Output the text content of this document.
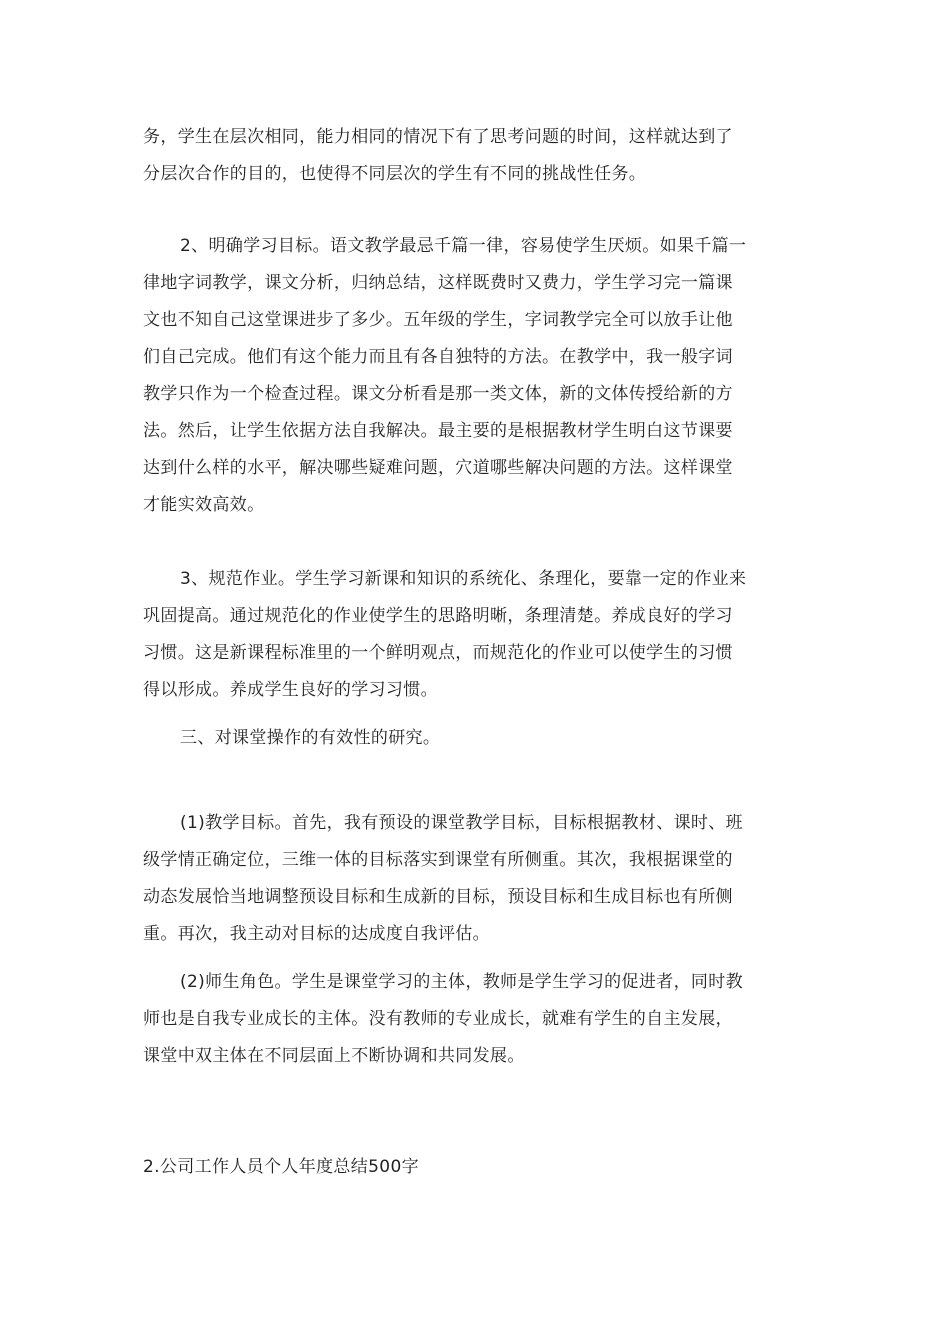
务，学生在层次相同，能力相同的情况下有了思考问题的时间，这样就达到了
分层次合作的目的，也使得不同层次的学生有不同的挑战性任务。
2、明确学习目标。语文教学最忌千篇一律，容易使学生厌烦。如果千篇一
律地字词教学，课文分析，归纳总结，这样既费时又费力，学生学习完一篇课
文也不知自己这堂课进步了多少。五年级的学生，字词教学完全可以放手让他
们自己完成。他们有这个能力而且有各自独特的方法。在教学中，我一般字词
教学只作为一个检查过程。课文分析看是那一类文体，新的文体传授给新的方
法。然后，让学生依据方法自我解决。最主要的是根据教材学生明白这节课要
达到什么样的水平，解决哪些疑难问题，穴道哪些解决问题的方法。这样课堂
才能实效高效。
3、规范作业。学生学习新课和知识的系统化、条理化，要靠一定的作业来
巩固提高。通过规范化的作业使学生的思路明晰，条理清楚。养成良好的学习
习惯。这是新课程标准里的一个鲜明观点，而规范化的作业可以使学生的习惯
得以形成。养成学生良好的学习习惯。
三、对课堂操作的有效性的研究。
(1)教学目标。首先，我有预设的课堂教学目标，目标根据教材、课时、班
级学情正确定位，三维一体的目标落实到课堂有所侧重。其次，我根据课堂的
动态发展恰当地调整预设目标和生成新的目标，预设目标和生成目标也有所侧
重。再次，我主动对目标的达成度自我评估。
(2)师生角色。学生是课堂学习的主体，教师是学生学习的促进者，同时教
师也是自我专业成长的主体。没有教师的专业成长，就难有学生的自主发展，
课堂中双主体在不同层面上不断协调和共同发展。
2.公司工作人员个人年度总结500字
